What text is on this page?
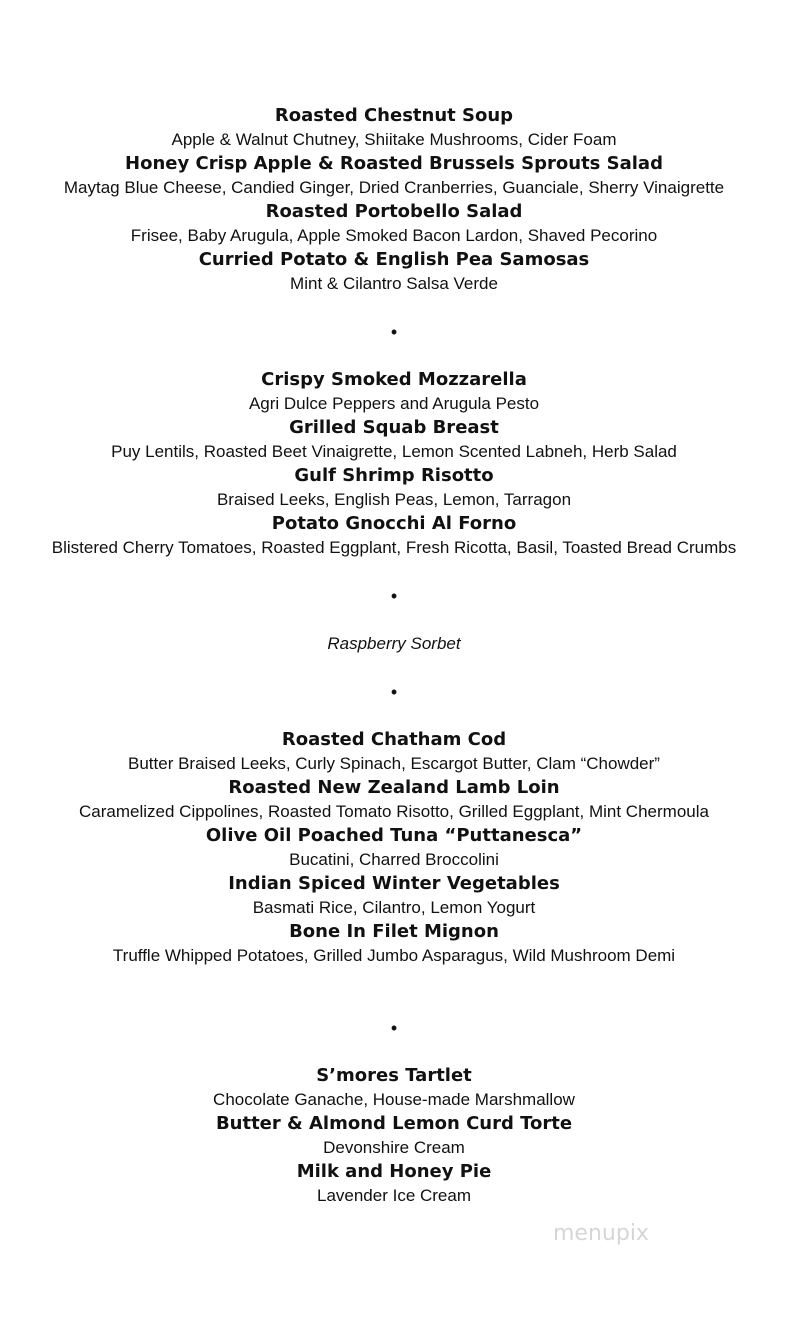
Roasted Chestnut Soup
Apple & Walnut Chutney, Shiitake Mushrooms, Cider Foam
Honey Crisp Apple & Roasted Brussels Sprouts Salad
Maytag Blue Cheese, Candied Ginger, Dried Cranberries, Guanciale, Sherry Vinaigrette
Roasted Portobello Salad
Frisee, Baby Arugula, Apple Smoked Bacon Lardon, Shaved Pecorino
Curried Potato & English Pea Samosas
Mint & Cilantro Salsa Verde
•
Crispy Smoked Mozzarella
Agri Dulce Peppers and Arugula Pesto
Grilled Squab Breast
Puy Lentils, Roasted Beet Vinaigrette, Lemon Scented Labneh, Herb Salad
Gulf Shrimp Risotto
Braised Leeks, English Peas, Lemon, Tarragon
Potato Gnocchi Al Forno
Blistered Cherry Tomatoes, Roasted Eggplant, Fresh Ricotta, Basil, Toasted Bread Crumbs
•
Raspberry Sorbet
•
Roasted Chatham Cod
Butter Braised Leeks, Curly Spinach, Escargot Butter, Clam “Chowder”
Roasted New Zealand Lamb Loin
Caramelized Cippolines, Roasted Tomato Risotto, Grilled Eggplant, Mint Chermoula
Olive Oil Poached Tuna “Puttanesca”
Bucatini, Charred Broccolini
Indian Spiced Winter Vegetables
Basmati Rice, Cilantro, Lemon Yogurt
Bone In Filet Mignon
Truffle Whipped Potatoes, Grilled Jumbo Asparagus, Wild Mushroom Demi
•
S’mores Tartlet
Chocolate Ganache, House-made Marshmallow
Butter & Almond Lemon Curd Torte
Devonshire Cream
Milk and Honey Pie
Lavender Ice Cream
menupix
